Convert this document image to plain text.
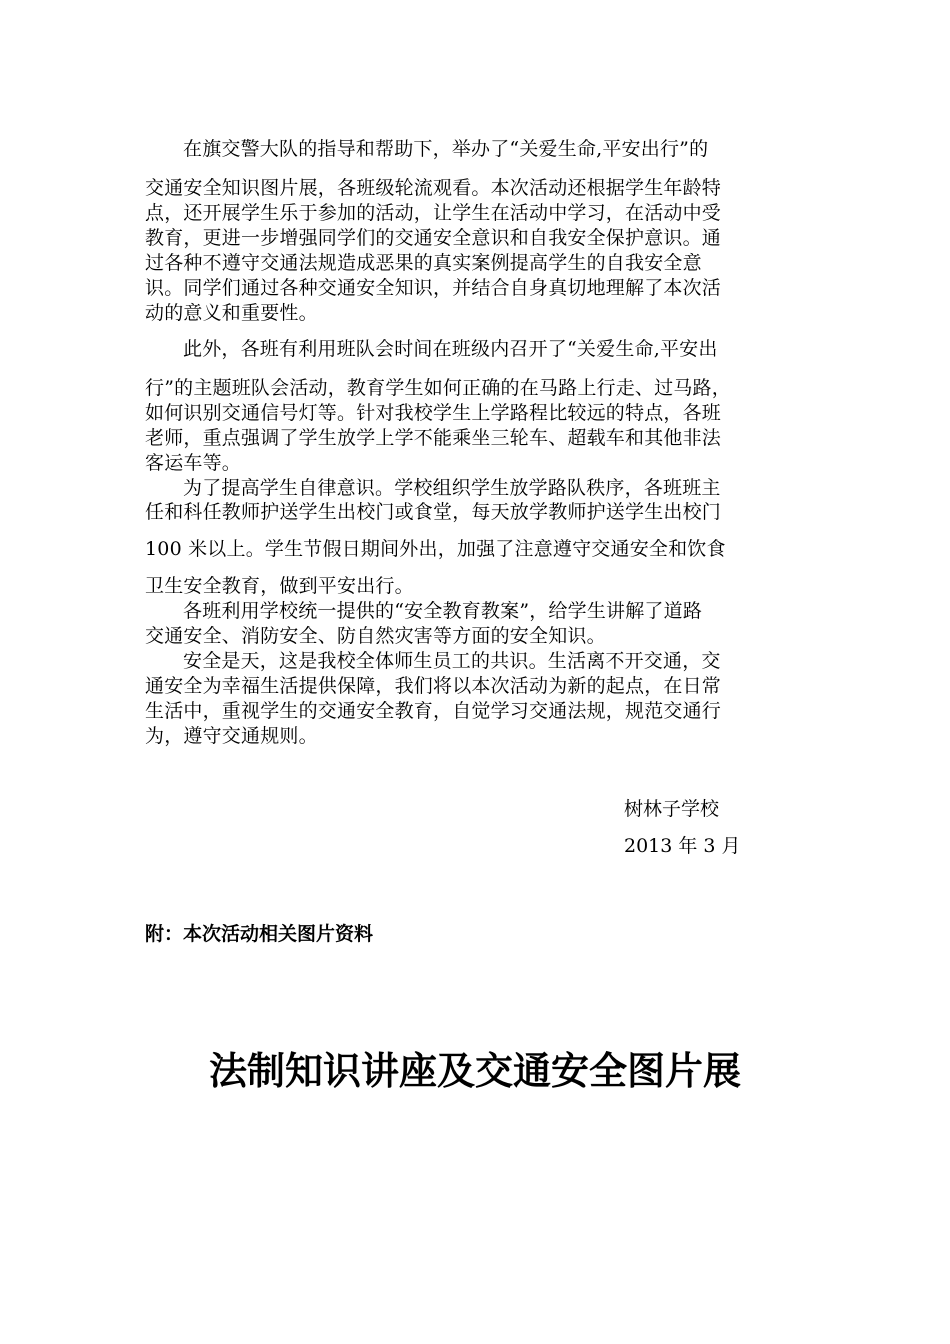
在旗交警大队的指导和帮助下，举办了“关爱生命,平安出行”的
交通安全知识图片展，各班级轮流观看。本次活动还根据学生年龄特
点，还开展学生乐于参加的活动，让学生在活动中学习，在活动中受
教育，更进一步增强同学们的交通安全意识和自我安全保护意识。通
过各种不遵守交通法规造成恶果的真实案例提高学生的自我安全意
识。同学们通过各种交通安全知识，并结合自身真切地理解了本次活
动的意义和重要性。
此外，各班有利用班队会时间在班级内召开了“关爱生命,平安出
行”的主题班队会活动，教育学生如何正确的在马路上行走、过马路，
如何识别交通信号灯等。针对我校学生上学路程比较远的特点，各班
老师，重点强调了学生放学上学不能乘坐三轮车、超载车和其他非法
客运车等。
为了提高学生自律意识。学校组织学生放学路队秩序，各班班主
任和科任教师护送学生出校门或食堂，每天放学教师护送学生出校门
100 米以上。学生节假日期间外出，加强了注意遵守交通安全和饮食
卫生安全教育，做到平安出行。
各班利用学校统一提供的“安全教育教案”，给学生讲解了道路
交通安全、消防安全、防自然灾害等方面的安全知识。
安全是天，这是我校全体师生员工的共识。生活离不开交通，交
通安全为幸福生活提供保障，我们将以本次活动为新的起点，在日常
生活中，重视学生的交通安全教育，自觉学习交通法规，规范交通行
为，遵守交通规则。
树林子学校
2013 年 3 月
附：本次活动相关图片资料
法制知识讲座及交通安全图片展
